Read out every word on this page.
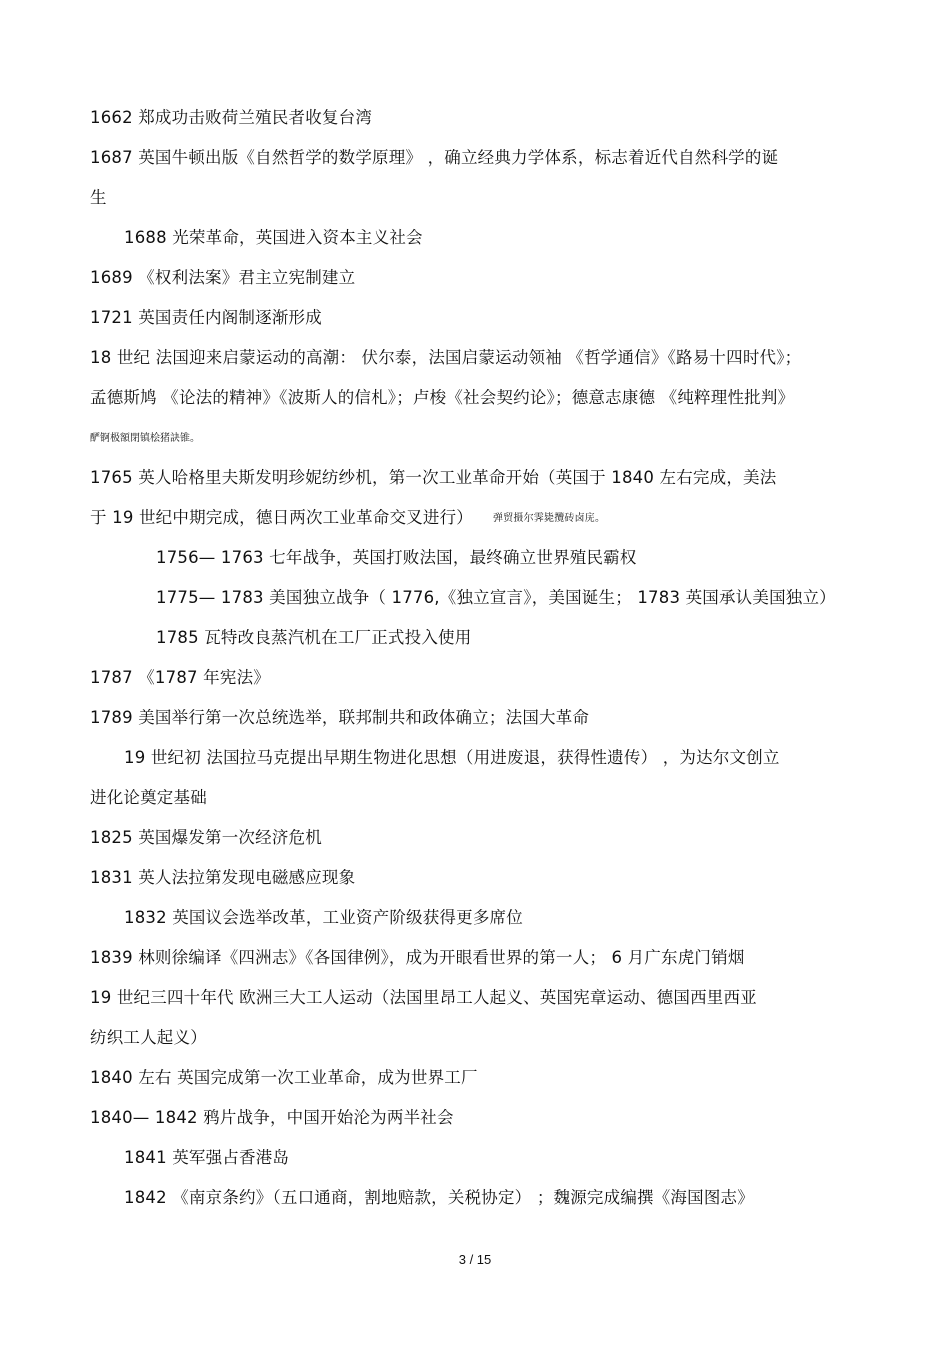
1662 郑成功击败荷兰殖民者收复台湾
1687 英国牛顿出版《自然哲学的数学原理》 ，确立经典力学体系，标志着近代自然科学的诞
生
1688 光荣革命，英国进入资本主义社会
1689 《权利法案》君主立宪制建立
1721 英国责任内阁制逐渐形成
18 世纪 法国迎来启蒙运动的高潮： 伏尔泰，法国启蒙运动领袖 《哲学通信》《路易十四时代》；
孟德斯鸠 《论法的精神》《波斯人的信札》；卢梭《社会契约论》；德意志康德 《纯粹理性批判》
酽锕极額閉镇桧猪訣锥。
1765 英人哈格里夫斯发明珍妮纺纱机，第一次工业革命开始（英国于 1840 左右完成，美法
于 19 世纪中期完成，德日两次工业革命交叉进行） 弹贸摄尔霁毙攬砖卤庑。
1756— 1763 七年战争，英国打败法国，最终确立世界殖民霸权
1775— 1783 美国独立战争（ 1776,《独立宣言》，美国诞生； 1783 英国承认美国独立）
1785 瓦特改良蒸汽机在工厂正式投入使用
1787 《1787 年宪法》
1789 美国举行第一次总统选举，联邦制共和政体确立；法国大革命
19 世纪初 法国拉马克提出早期生物进化思想（用进废退，获得性遗传） ，为达尔文创立
进化论奠定基础
1825 英国爆发第一次经济危机
1831 英人法拉第发现电磁感应现象
1832 英国议会选举改革，工业资产阶级获得更多席位
1839 林则徐编译《四洲志》《各国律例》，成为开眼看世界的第一人； 6 月广东虎门销烟
19 世纪三四十年代 欧洲三大工人运动（法国里昂工人起义、英国宪章运动、德国西里西亚
纺织工人起义）
1840 左右 英国完成第一次工业革命，成为世界工厂
1840— 1842 鸦片战争，中国开始沦为两半社会
1841 英军强占香港岛
1842 《南京条约》（五口通商，割地赔款，关税协定） ；魏源完成编撰《海国图志》
3 / 15
